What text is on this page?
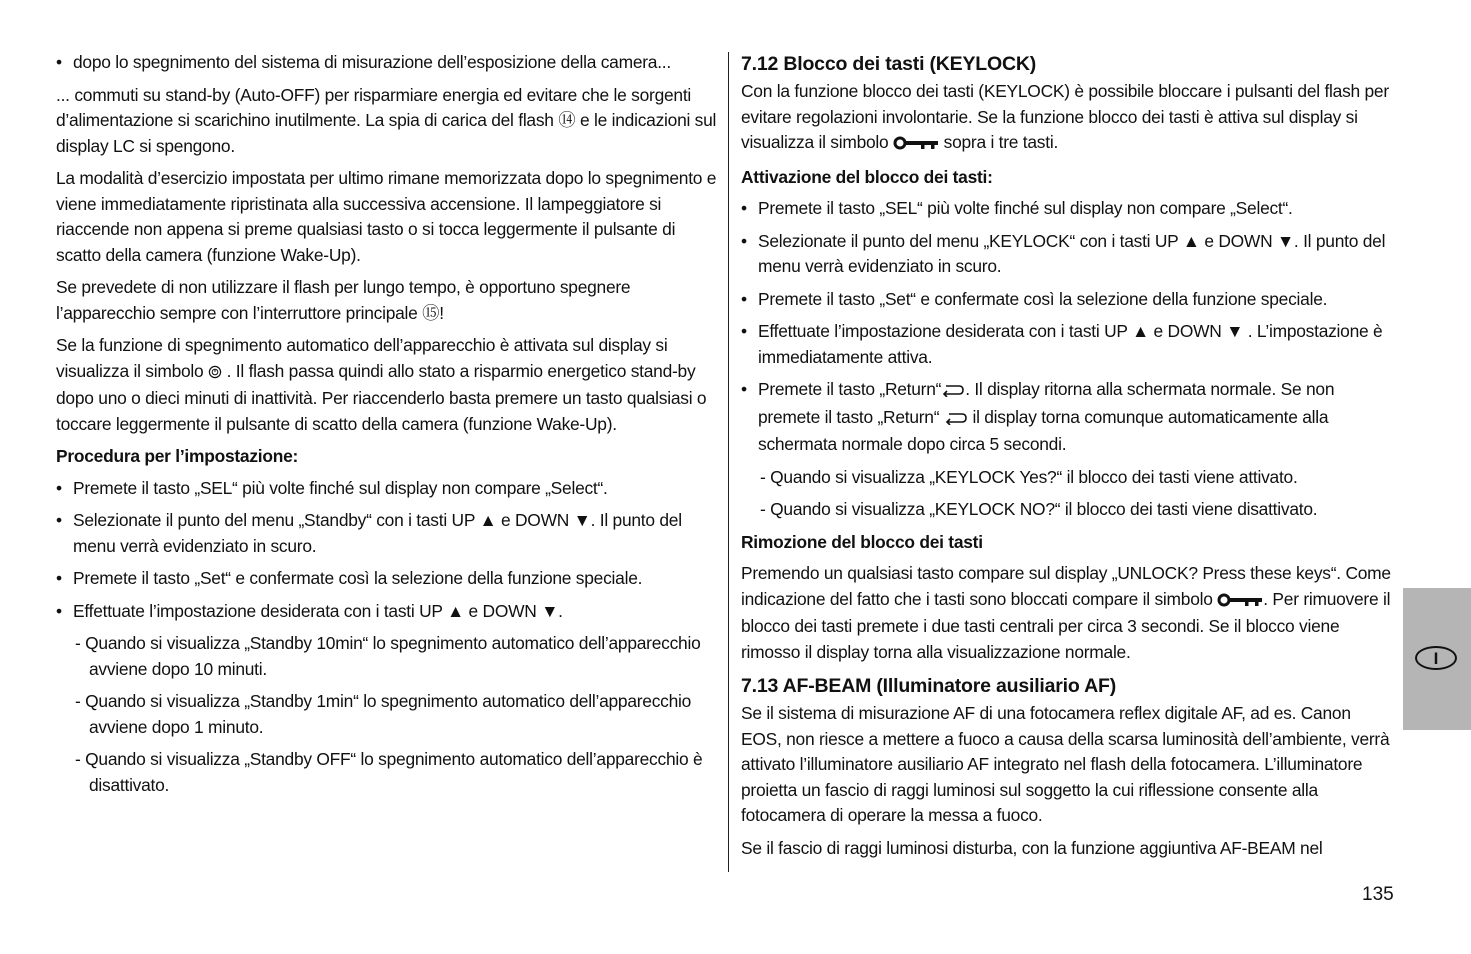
• dopo lo spegnimento del sistema di misurazione dell’esposizione della camera...

... commuti su stand-by (Auto-OFF) per risparmiare energia ed evitare che le sorgenti d’alimentazione si scarichino inutilmente. La spia di carica del flash ⑭ e le indicazioni sul display LC si spengono.

La modalità d’esercizio impostata per ultimo rimane memorizzata dopo lo spegnimento e viene immediatamente ripristinata alla successiva accensione. Il lampeggiatore si riaccende non appena si preme qualsiasi tasto o si tocca leggermente il pulsante di scatto della camera (funzione Wake-Up).

Se prevedete di non utilizzare il flash per lungo tempo, è opportuno spegnere l’apparecchio sempre con l’interruttore principale ⑮!

Se la funzione di spegnimento automatico dell’apparecchio è attivata sul display si visualizza il simbolo . Il flash passa quindi allo stato a risparmio energetico stand-by dopo uno o dieci minuti di inattività. Per riaccenderlo basta premere un tasto qualsiasi o toccare leggermente il pulsante di scatto della camera (funzione Wake-Up).

Procedura per l’impostazione:

• Premete il tasto „SEL“ più volte finché sul display non compare „Select“.

• Selezionate il punto del menu „Standby“ con i tasti UP ▲ e DOWN ▼. Il punto del menu verrà evidenziato in scuro.

• Premete il tasto „Set“ e confermate così la selezione della funzione speciale.

• Effettuate l’impostazione desiderata con i tasti UP ▲ e DOWN ▼.

- Quando si visualizza „Standby 10min“ lo spegnimento automatico dell’apparecchio avviene dopo 10 minuti.

- Quando si visualizza „Standby 1min“ lo spegnimento automatico dell’apparecchio avviene dopo 1 minuto.

- Quando si visualizza „Standby OFF“ lo spegnimento automatico dell’apparecchio è disattivato.

7.12 Blocco dei tasti (KEYLOCK)

Con la funzione blocco dei tasti (KEYLOCK) è possibile bloccare i pulsanti del flash per evitare regolazioni involontarie. Se la funzione blocco dei tasti è attiva sul display si visualizza il simbolo	sopra i tre tasti.

Attivazione del blocco dei tasti:

• Premete il tasto „SEL“ più volte finché sul display non compare „Select“.

• Selezionate il punto del menu „KEYLOCK“ con i tasti UP ▲ e DOWN ▼. Il punto del menu verrà evidenziato in scuro.

• Premete il tasto „Set“ e confermate così la selezione della funzione speciale.

• Effettuate l’impostazione desiderata con i tasti UP ▲ e DOWN ▼ . L’impostazione è immediatamente attiva.

• Premete il tasto „Return“ . Il display ritorna alla schermata normale. Se non premete il tasto „Return“ il display torna comunque automaticamente alla schermata normale dopo circa 5 secondi.

- Quando si visualizza „KEYLOCK Yes?“ il blocco dei tasti viene attivato.

- Quando si visualizza „KEYLOCK NO?“ il blocco dei tasti viene disattivato.

Rimozione del blocco dei tasti

Premendo un qualsiasi tasto compare sul display „UNLOCK? Press these keys“. Come indicazione del fatto che i tasti sono bloccati compare il simbolo	. Per rimuovere il blocco dei tasti premete i due tasti centrali per circa 3 secondi. Se il blocco viene rimosso il display torna alla visualizzazione normale.

7.13 AF-BEAM (Illuminatore ausiliario AF)

Se il sistema di misurazione AF di una fotocamera reflex digitale AF, ad es. Canon EOS, non riesce a mettere a fuoco a causa della scarsa luminosità dell’ambiente, verrà attivato l’illuminatore ausiliario AF integrato nel flash della fotocamera. L’illuminatore proietta un fascio di raggi luminosi sul soggetto la cui riflessione consente alla fotocamera di operare la messa a fuoco.

Se il fascio di raggi luminosi disturba, con la funzione aggiuntiva AF-BEAM nel

I
135
